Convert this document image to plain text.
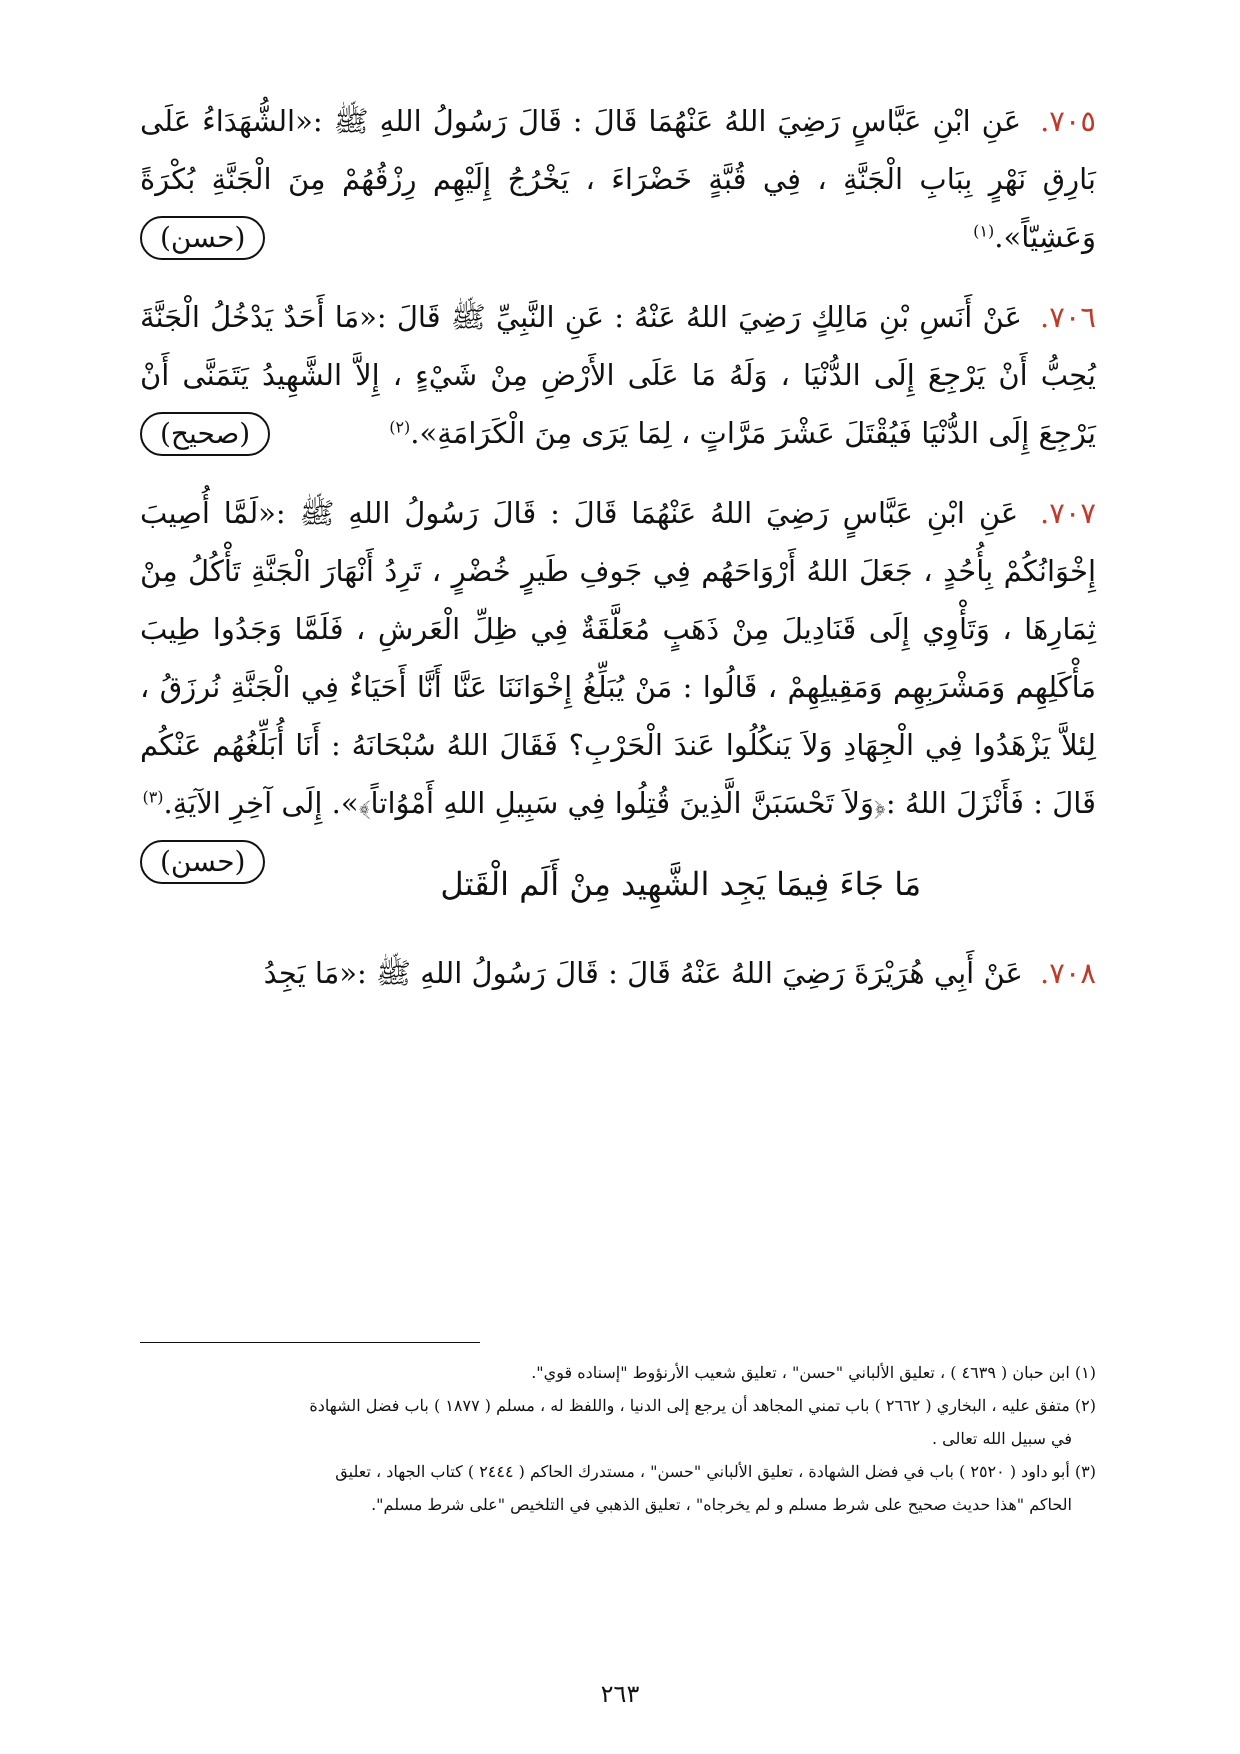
٧٠٥. عَنِ ابْنِ عَبَّاسٍ رَضِيَ اللهُ عَنْهُمَا قَالَ : قَالَ رَسُولُ اللهِ ﷺ :«الشُّهَدَاءُ عَلَى بَارِقِ نَهْرٍ بِبَابِ الْجَنَّةِ ، فِي قُبَّةٍ خَضْرَاءَ ، يَخْرُجُ إِلَيْهِم رِزْقُهُمْ مِنَ الْجَنَّةِ بُكْرَةً وَعَشِيّاً».$^{(١)}$
(حسن)

٧٠٦. عَنْ أَنَسِ بْنِ مَالِكٍ رَضِيَ اللهُ عَنْهُ : عَنِ النَّبِيِّ ﷺ قَالَ :«مَا أَحَدٌ يَدْخُلُ الْجَنَّةَ يُحِبُّ أَنْ يَرْجِعَ إِلَى الدُّنْيَا ، وَلَهُ مَا عَلَى الأَرْضِ مِنْ شَيْءٍ ، إِلاَّ الشَّهِيدُ يَتَمَنَّى أَنْ يَرْجِعَ إِلَى الدُّنْيَا فَيُقْتَلَ عَشْرَ مَرَّاتٍ ، لِمَا يَرَى مِنَ الْكَرَامَةِ».$^{(٢)}$
(صحيح)

٧٠٧. عَنِ ابْنِ عَبَّاسٍ رَضِيَ اللهُ عَنْهُمَا قَالَ : قَالَ رَسُولُ اللهِ ﷺ :«لَمَّا أُصِيبَ إِخْوَانُكُمْ بِأُحُدٍ ، جَعَلَ اللهُ أَرْوَاحَهُم فِي جَوفِ طَيرٍ خُضْرٍ ، تَرِدُ أَنْهَارَ الْجَنَّةِ تَأْكُلُ مِنْ ثِمَارِهَا ، وَتَأْوِي إِلَى قَنَادِيلَ مِنْ ذَهَبٍ مُعَلَّقَةٌ فِي ظِلِّ الْعَرشِ ، فَلَمَّا وَجَدُوا طِيبَ مَأْكَلِهِم وَمَشْرَبِهِم وَمَقِيلِهِمْ ، قَالُوا : مَنْ يُبَلِّغُ إِخْوَانَنَا عَنَّا أَنَّا أَحَيَاءٌ فِي الْجَنَّةِ نُرزَقُ ، لِئلاَّ يَزْهَدُوا فِي الْجِهَادِ وَلاَ يَنكُلُوا عَندَ الْحَرْبِ؟ فَقَالَ اللهُ سُبْحَانَهُ : أَنَا أُبَلِّغُهُم عَنْكُم قَالَ : فَأَنْزَلَ اللهُ :﴿وَلاَ تَحْسَبَنَّ الَّذِينَ قُتِلُوا فِي سَبِيلِ اللهِ أَمْوُاتاً﴾». إِلَى آخِرِ الآيَةِ.$^{(٣)}$
(حسن)

مَا جَاءَ فِيمَا يَجِد الشَّهِيد مِنْ أَلَم الْقَتل

٧٠٨. عَنْ أَبِي هُرَيْرَةَ رَضِيَ اللهُ عَنْهُ قَالَ : قَالَ رَسُولُ اللهِ ﷺ :«مَا يَجِدُ

(١) ابن حبان ( ٤٦٣٩ ) ، تعليق الألباني "حسن" ، تعليق شعيب الأرنؤوط "إسناده قوي".

(٢) متفق عليه ، البخاري ( ٢٦٦٢ ) باب تمني المجاهد أن يرجع إلى الدنيا ، واللفظ له ، مسلم ( ١٨٧٧ ) باب فضل الشهادة
في سبيل الله تعالى .

(٣) أبو داود ( ٢٥٢٠ ) باب في فضل الشهادة ، تعليق الألباني "حسن" ، مستدرك الحاكم ( ٢٤٤٤ ) كتاب الجهاد ، تعليق
الحاكم "هذا حديث صحيح على شرط مسلم و لم يخرجاه" ، تعليق الذهبي في التلخيص "على شرط مسلم".

٢٦٣
